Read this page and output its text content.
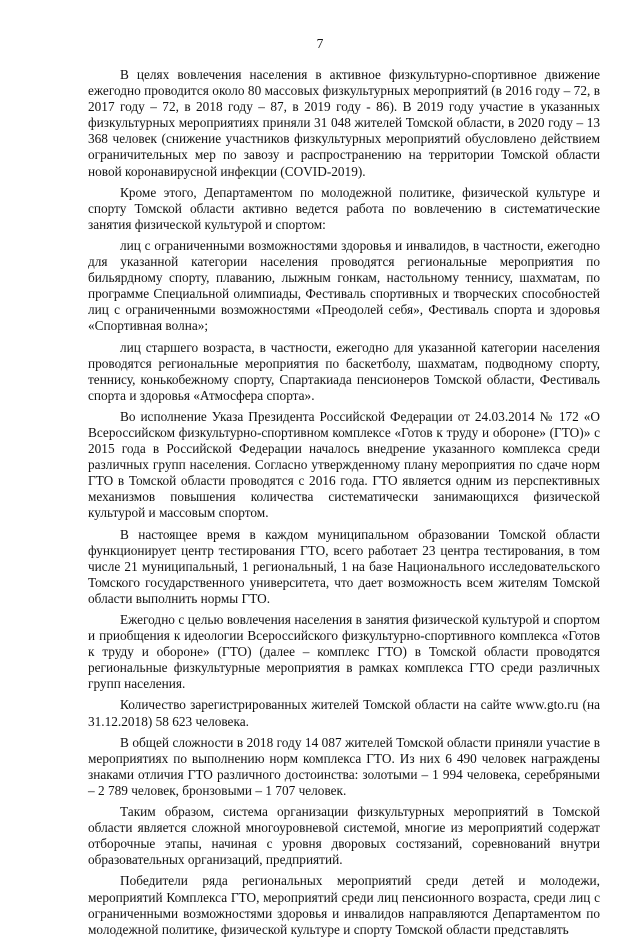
7

В целях вовлечения населения в активное физкультурно-спортивное движение ежегодно проводится около 80 массовых физкультурных мероприятий (в 2016 году – 72, в 2017 году – 72, в 2018 году – 87, в 2019 году - 86). В 2019 году участие в указанных физкультурных мероприятиях приняли 31 048 жителей Томской области, в 2020 году – 13 368 человек (снижение участников физкультурных мероприятий обусловлено действием ограничительных мер по завозу и распространению на территории Томской области новой коронавирусной инфекции (COVID-2019).

Кроме этого, Департаментом по молодежной политике, физической культуре и спорту Томской области активно ведется работа по вовлечению в систематические занятия физической культурой и спортом:

лиц с ограниченными возможностями здоровья и инвалидов, в частности, ежегодно для указанной категории населения проводятся региональные мероприятия по бильярдному спорту, плаванию, лыжным гонкам, настольному теннису, шахматам, по программе Специальной олимпиады, Фестиваль спортивных и творческих способностей лиц с ограниченными возможностями «Преодолей себя», Фестиваль спорта и здоровья «Спортивная волна»;

лиц старшего возраста, в частности, ежегодно для указанной категории населения проводятся региональные мероприятия по баскетболу, шахматам, подводному спорту, теннису, конькобежному спорту, Спартакиада пенсионеров Томской области, Фестиваль спорта и здоровья «Атмосфера спорта».

Во исполнение Указа Президента Российской Федерации от 24.03.2014 № 172 «О Всероссийском физкультурно-спортивном комплексе «Готов к труду и обороне» (ГТО)» с 2015 года в Российской Федерации началось внедрение указанного комплекса среди различных групп населения. Согласно утвержденному плану мероприятия по сдаче норм ГТО в Томской области проводятся с 2016 года. ГТО является одним из перспективных механизмов повышения количества систематически занимающихся физической культурой и массовым спортом.

В настоящее время в каждом муниципальном образовании Томской области функционирует центр тестирования ГТО, всего работает 23 центра тестирования, в том числе 21 муниципальный, 1 региональный, 1 на базе Национального исследовательского Томского государственного университета, что дает возможность всем жителям Томской области выполнить нормы ГТО.

Ежегодно с целью вовлечения населения в занятия физической культурой и спортом и приобщения к идеологии Всероссийского физкультурно-спортивного комплекса «Готов к труду и обороне» (ГТО) (далее – комплекс ГТО) в Томской области проводятся региональные физкультурные мероприятия в рамках комплекса ГТО среди различных групп населения.

Количество зарегистрированных жителей Томской области на сайте www.gto.ru (на 31.12.2018) 58 623 человека.

В общей сложности в 2018 году 14 087 жителей Томской области приняли участие в мероприятиях по выполнению норм комплекса ГТО. Из них 6 490 человек награждены знаками отличия ГТО различного достоинства: золотыми – 1 994 человека, серебряными – 2 789 человек, бронзовыми – 1 707 человек.

Таким образом, система организации физкультурных мероприятий в Томской области является сложной многоуровневой системой, многие из мероприятий содержат отборочные этапы, начиная с уровня дворовых состязаний, соревнований внутри образовательных организаций, предприятий.

Победители ряда региональных мероприятий среди детей и молодежи, мероприятий Комплекса ГТО, мероприятий среди лиц пенсионного возраста, среди лиц с ограниченными возможностями здоровья и инвалидов направляются Департаментом по молодежной политике, физической культуре и спорту Томской области представлять
